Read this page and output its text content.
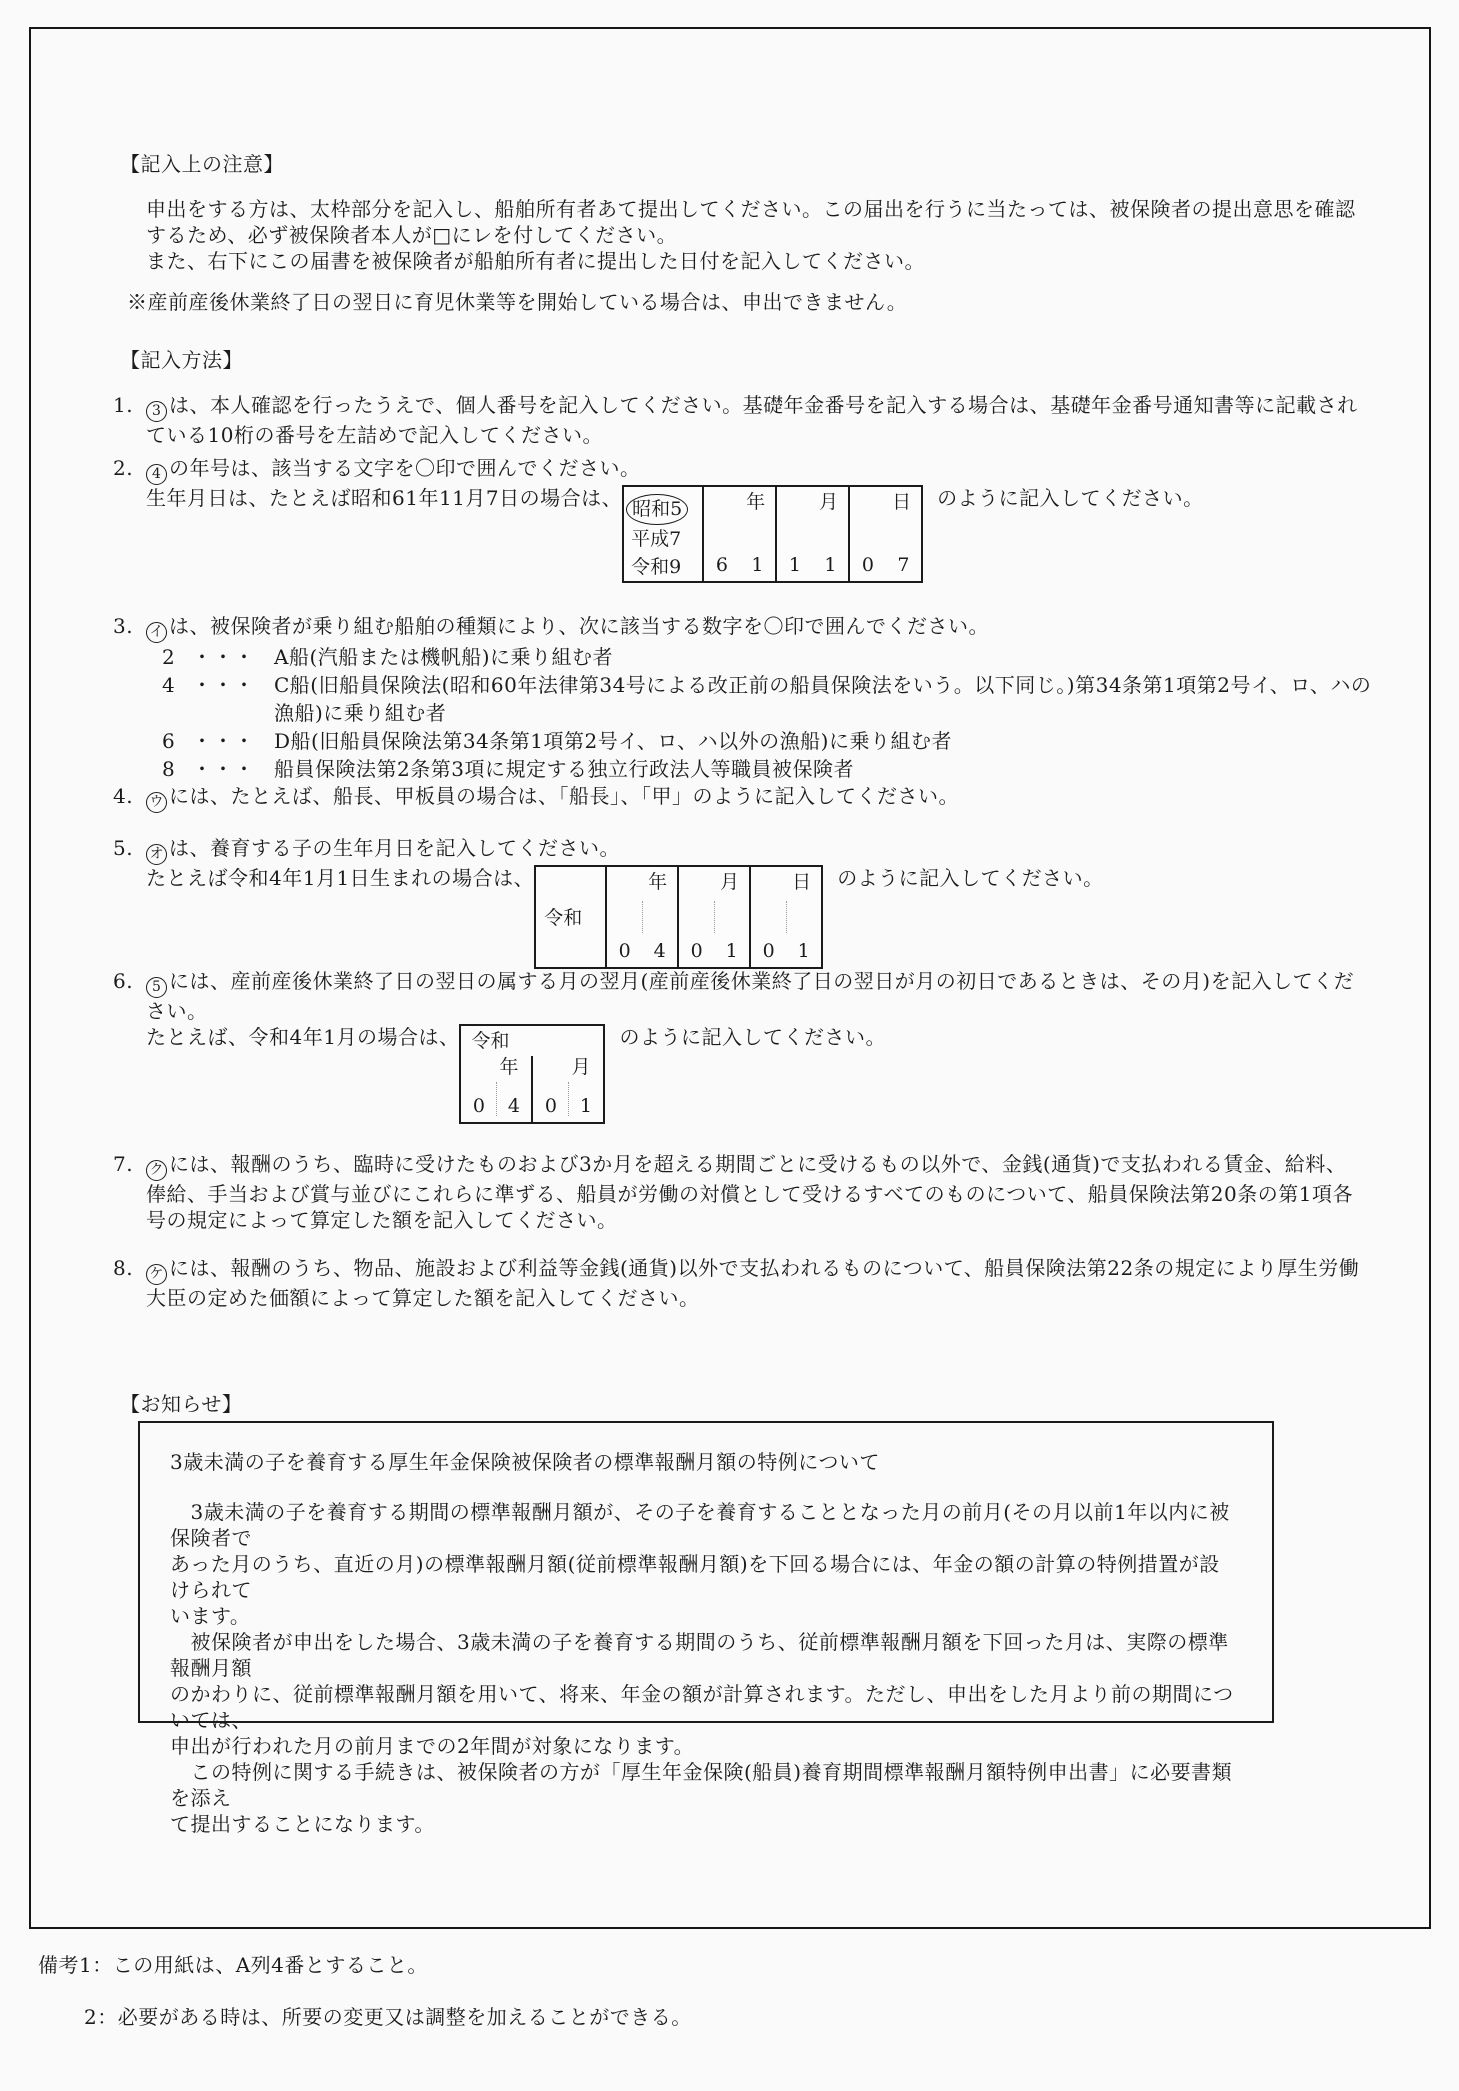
【記入上の注意】
申出をする方は、太枠部分を記入し、船舶所有者あて提出してください。この届出を行うに当たっては、被保険者の提出意思を確認
するため、必ず被保険者本人が□にレを付してください。
また、右下にこの届書を被保険者が船舶所有者に提出した日付を記入してください。
※産前産後休業終了日の翌日に育児休業等を開始している場合は、申出できません。
【記入方法】
1.	3 は、本人確認を行ったうえで、個人番号を記入してください。基礎年金番号を記入する場合は、基礎年金番号通知書等に記載され
ている10桁の番号を左詰めで記入してください。
2.	4 の年号は、該当する文字を〇印で囲んでください。
生年月日は、たとえば昭和61年11月7日の場合は、 昭和5
平成7
令和9
年
6	1
月
1	1
日
0	7
のように記入してください。
3.	イ は、被保険者が乗り組む船舶の種類により、次に該当する数字を〇印で囲んでください。
2 ・・・ A船(汽船または機帆船)に乗り組む者
4 ・・・ C船(旧船員保険法(昭和60年法律第34号による改正前の船員保険法をいう。以下同じ。)第34条第1項第2号イ、ロ、ハの
漁船)に乗り組む者
6 ・・・ D船(旧船員保険法第34条第1項第2号イ、ロ、ハ以外の漁船)に乗り組む者
8 ・・・ 船員保険法第2条第3項に規定する独立行政法人等職員被保険者
4.	ウ には、たとえば、船長、甲板員の場合は、「船長」、「甲」のように記入してください。
5.	オ は、養育する子の生年月日を記入してください。
たとえば令和4年1月1日生まれの場合は、
令和
年
0	4
月
0	1
日
0	1
のように記入してください。
6.	5 には、産前産後休業終了日の翌日の属する月の翌月(産前産後休業終了日の翌日が月の初日であるときは、その月)を記入してくだ
さい。
たとえば、令和4年1月の場合は、 令和
年
0	4
月
0	1
のように記入してください。
7.	ク には、報酬のうち、臨時に受けたものおよび3か月を超える期間ごとに受けるもの以外で、金銭(通貨)で支払われる賃金、給料、
俸給、手当および賞与並びにこれらに準ずる、船員が労働の対償として受けるすべてのものについて、船員保険法第20条の第1項各
号の規定によって算定した額を記入してください。
8.	ケ には、報酬のうち、物品、施設および利益等金銭(通貨)以外で支払われるものについて、船員保険法第22条の規定により厚生労働
大臣の定めた価額によって算定した額を記入してください。
【お知らせ】
3歳未満の子を養育する厚生年金保険被保険者の標準報酬月額の特例について
　3歳未満の子を養育する期間の標準報酬月額が、その子を養育することとなった月の前月(その月以前1年以内に被保険者で
あった月のうち、直近の月)の標準報酬月額(従前標準報酬月額)を下回る場合には、年金の額の計算の特例措置が設けられて
います。
　被保険者が申出をした場合、3歳未満の子を養育する期間のうち、従前標準報酬月額を下回った月は、実際の標準報酬月額
のかわりに、従前標準報酬月額を用いて、将来、年金の額が計算されます。ただし、申出をした月より前の期間については、
申出が行われた月の前月までの2年間が対象になります。
　この特例に関する手続きは、被保険者の方が「厚生年金保険(船員)養育期間標準報酬月額特例申出書」に必要書類を添え
て提出することになります。
備考1：この用紙は、A列4番とすること。
2：必要がある時は、所要の変更又は調整を加えることができる。
